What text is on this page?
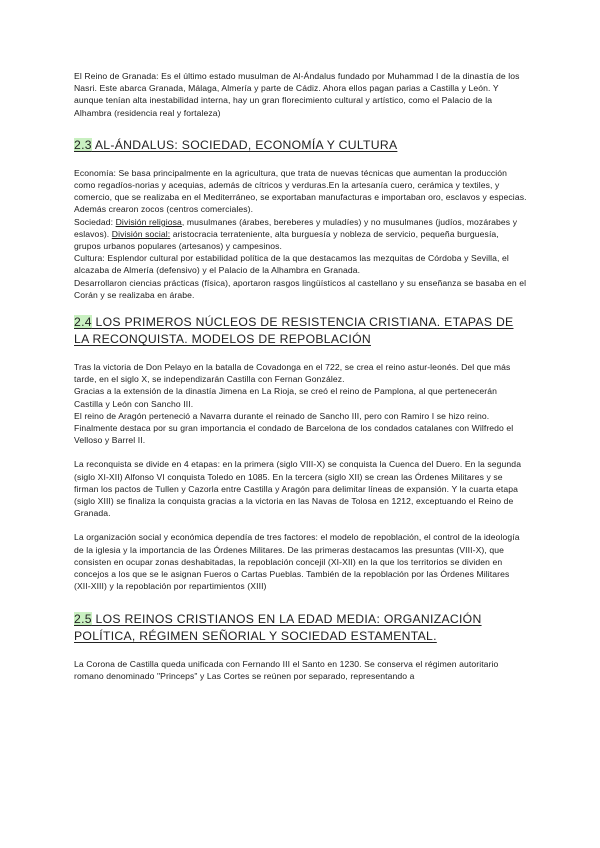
El Reino de Granada: Es el último estado musulman de Al-Ándalus fundado por Muhammad I de la dinastía de los Nasri. Este abarca Granada, Málaga, Almería y parte de Cádiz. Ahora ellos pagan parias a Castilla y León. Y aunque tenían alta inestabilidad interna, hay un gran florecimiento cultural y artístico, como el Palacio de la Alhambra (residencia real y fortaleza)

2.3 AL-ÁNDALUS: SOCIEDAD, ECONOMÍA Y CULTURA

Economía: Se basa principalmente en la agricultura, que trata de nuevas técnicas que aumentan la producción como regadíos-norias y acequias, además de cítricos y verduras.En la artesanía cuero, cerámica y textiles, y comercio, que se realizaba en el Mediterráneo, se exportaban manufacturas e importaban oro, esclavos y especias. Además crearon zocos (centros comerciales).

Sociedad: División religiosa, musulmanes (árabes, bereberes y muladíes) y no musulmanes (judíos, mozárabes y eslavos). División social: aristocracia terrateniente, alta burguesía y nobleza de servicio, pequeña burguesía, grupos urbanos populares (artesanos) y campesinos.

Cultura: Esplendor cultural por estabilidad política de la que destacamos las mezquitas de Córdoba y Sevilla, el alcazaba de Almería (defensivo) y el Palacio de la Alhambra en Granada.

Desarrollaron ciencias prácticas (física), aportaron rasgos lingüísticos al castellano y su enseñanza se basaba en el Corán y se realizaba en árabe.

2.4 LOS PRIMEROS NÚCLEOS DE RESISTENCIA CRISTIANA. ETAPAS DE LA RECONQUISTA. MODELOS DE REPOBLACIÓN

Tras la victoria de Don Pelayo en la batalla de Covadonga en el 722, se crea el reino astur-leonés. Del que más tarde, en el siglo X, se independizarán Castilla con Fernan González.

Gracias a la extensión de la dinastía Jimena en La Rioja, se creó el reino de Pamplona, al que pertenecerán Castilla y León con Sancho III.

El reino de Aragón perteneció a Navarra durante el reinado de Sancho III, pero con Ramiro I se hizo reino.

Finalmente destaca por su gran importancia el condado de Barcelona de los condados catalanes con Wilfredo el Velloso y Barrel II.

La reconquista se divide en 4 etapas: en la primera (siglo VIII-X) se conquista la Cuenca del Duero. En la segunda (siglo XI-XII) Alfonso VI conquista Toledo en 1085. En la tercera (siglo XII) se crean las Órdenes Militares y se firman los pactos de Tullen y Cazorla entre Castilla y Aragón para delimitar líneas de expansión. Y la cuarta etapa (siglo XIII) se finaliza la conquista gracias a la victoria en las Navas de Tolosa en 1212, exceptuando el Reino de Granada.

La organización social y económica dependía de tres factores: el modelo de repoblación, el control de la ideología de la iglesia y la importancia de las Órdenes Militares. De las primeras destacamos las presuntas (VIII-X), que consisten en ocupar zonas deshabitadas, la repoblación concejil (XI-XII) en la que los territorios se dividen en concejos a los que se le asignan Fueros o Cartas Pueblas. También de la repoblación por las Órdenes Militares (XII-XIII) y la repoblación por repartimientos (XIII)

2.5 LOS REINOS CRISTIANOS EN LA EDAD MEDIA: ORGANIZACIÓN POLÍTICA, RÉGIMEN SEÑORIAL Y SOCIEDAD ESTAMENTAL.

La Corona de Castilla queda unificada con Fernando III el Santo en 1230. Se conserva el régimen autoritario romano denominado "Princeps" y Las Cortes se reúnen por separado, representando a
